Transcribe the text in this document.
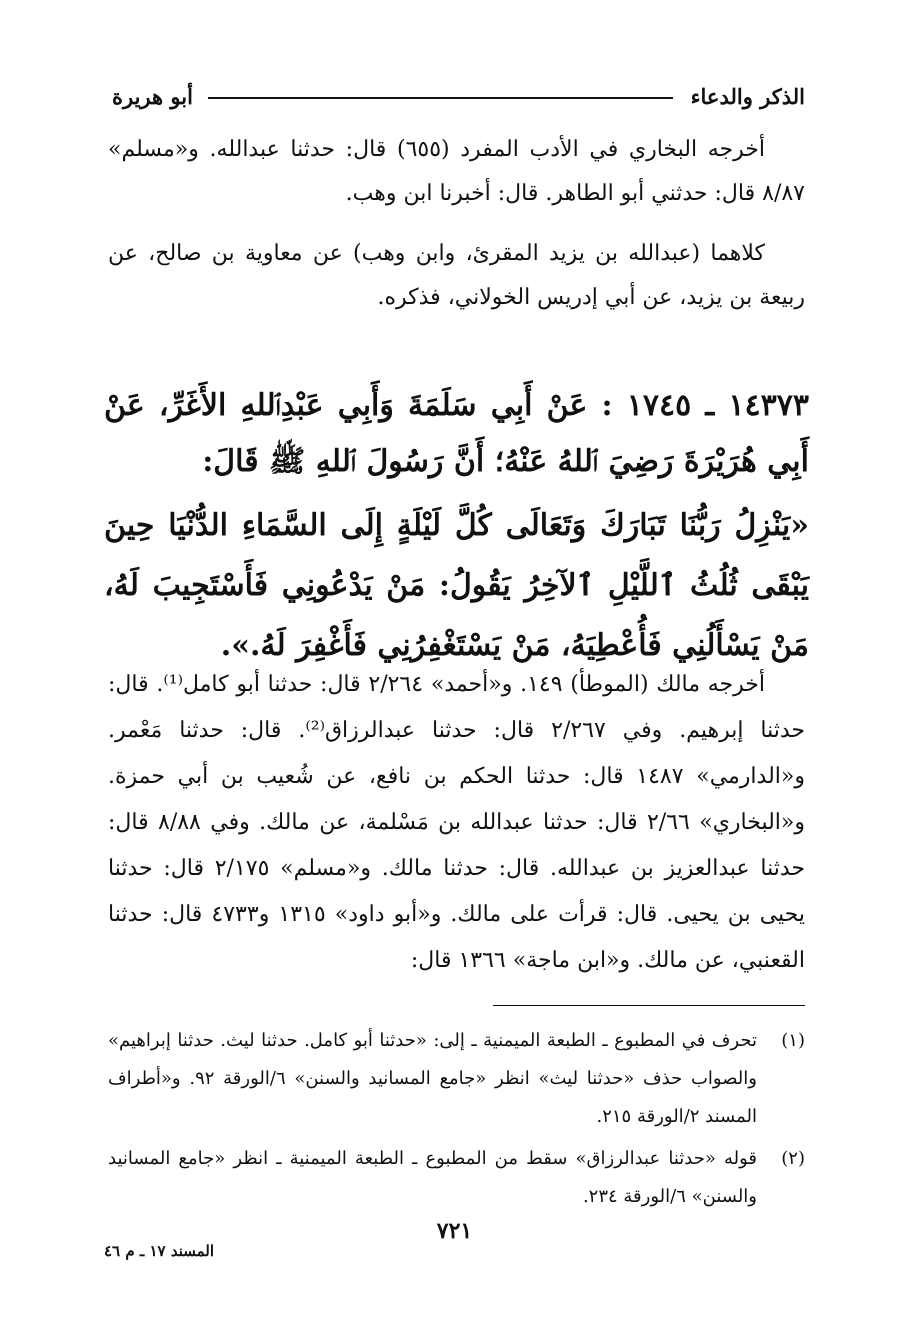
الذكر والدعاء
أبو هريرة

أخرجه البخاري في الأدب المفرد (٦٥٥) قال: حدثنا عبدالله. و«مسلم» ٨/٨٧ قال: حدثني أبو الطاهر. قال: أخبرنا ابن وهب.

كلاهما (عبدالله بن يزيد المقرئ، وابن وهب) عن معاوية بن صالح، عن ربيعة بن يزيد، عن أبي إدريس الخولاني، فذكره.

١٤٣٧٣ ـ ١٧٤٥ : عَنْ أَبِي سَلَمَةَ وَأَبِي عَبْدِٱللهِ الأَغَرِّ، عَنْ أَبِي هُرَيْرَةَ رَضِيَ ٱللهُ عَنْهُ؛ أَنَّ رَسُولَ ٱللهِ ﷺ قَالَ:

«يَنْزِلُ رَبُّنَا تَبَارَكَ وَتَعَالَى كُلَّ لَيْلَةٍ إِلَى السَّمَاءِ الدُّنْيَا حِينَ يَبْقَى ثُلُثُ ٱللَّيْلِ ٱلآخِرُ يَقُولُ: مَنْ يَدْعُونِي فَأَسْتَجِيبَ لَهُ، مَنْ يَسْأَلُنِي فَأُعْطِيَهُ، مَنْ يَسْتَغْفِرُنِي فَأَغْفِرَ لَهُ.».

أخرجه مالك (الموطأ) ١٤٩. و«أحمد» ٢/٢٦٤ قال: حدثنا أبو كامل⁽¹⁾. قال: حدثنا إبرهيم. وفي ٢/٢٦٧ قال: حدثنا عبدالرزاق⁽²⁾. قال: حدثنا مَعْمر. و«الدارمي» ١٤٨٧ قال: حدثنا الحكم بن نافع، عن شُعيب بن أبي حمزة. و«البخاري» ٢/٦٦ قال: حدثنا عبدالله بن مَسْلمة، عن مالك. وفي ٨/٨٨ قال: حدثنا عبدالعزيز بن عبدالله. قال: حدثنا مالك. و«مسلم» ٢/١٧٥ قال: حدثنا يحيى بن يحيى. قال: قرأت على مالك. و«أبو داود» ١٣١٥ و٤٧٣٣ قال: حدثنا القعنبي، عن مالك. و«ابن ماجة» ١٣٦٦ قال:

(١)
تحرف في المطبوع ـ الطبعة الميمنية ـ إلى: «حدثنا أبو كامل. حدثنا ليث. حدثنا إبراهيم» والصواب حذف «حدثنا ليث» انظر «جامع المسانيد والسنن» ٦/الورقة ٩٢. و«أطراف المسند ٢/الورقة ٢١٥.
(٢)
قوله «حدثنا عبدالرزاق» سقط من المطبوع ـ الطبعة الميمنية ـ انظر «جامع المسانيد والسنن» ٦/الورقة ٢٣٤.
٧٢١
المسند ١٧ ـ م ٤٦
